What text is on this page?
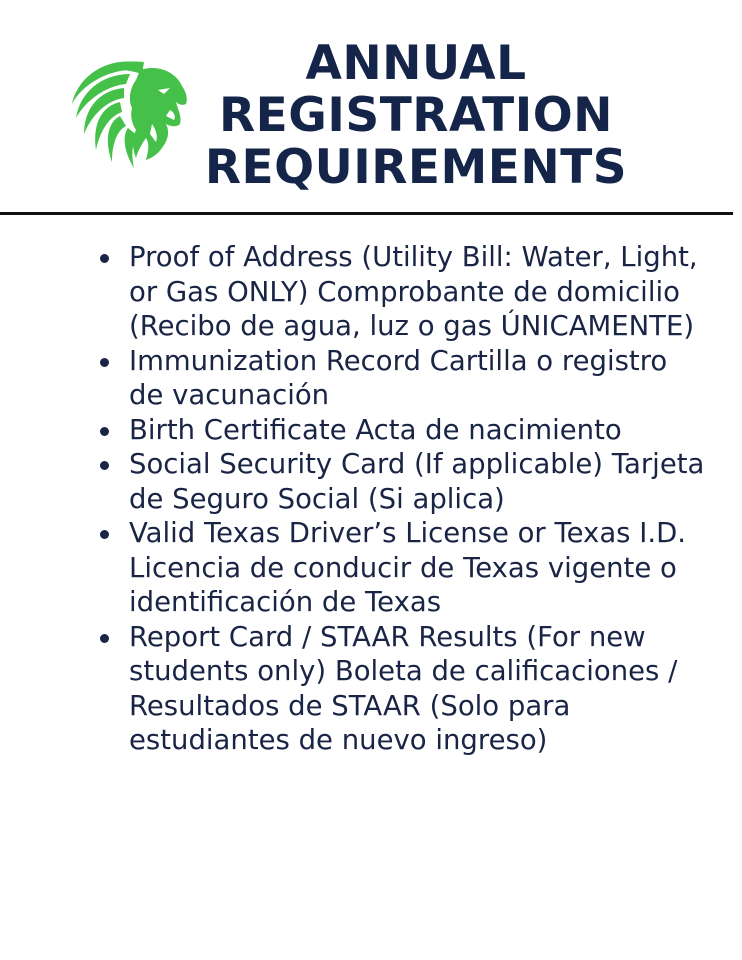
ANNUAL
REGISTRATION
REQUIREMENTS
Proof of Address (Utility Bill: Water, Light, or Gas ONLY) Comprobante de domicilio (Recibo de agua, luz o gas ÚNICAMENTE)
Immunization Record Cartilla o registro de vacunación
Birth Certificate Acta de nacimiento
Social Security Card (If applicable) Tarjeta de Seguro Social (Si aplica)
Valid Texas Driver’s License or Texas I.D. Licencia de conducir de Texas vigente o identificación de Texas
Report Card / STAAR Results (For new students only) Boleta de calificaciones / Resultados de STAAR (Solo para estudiantes de nuevo ingreso)
